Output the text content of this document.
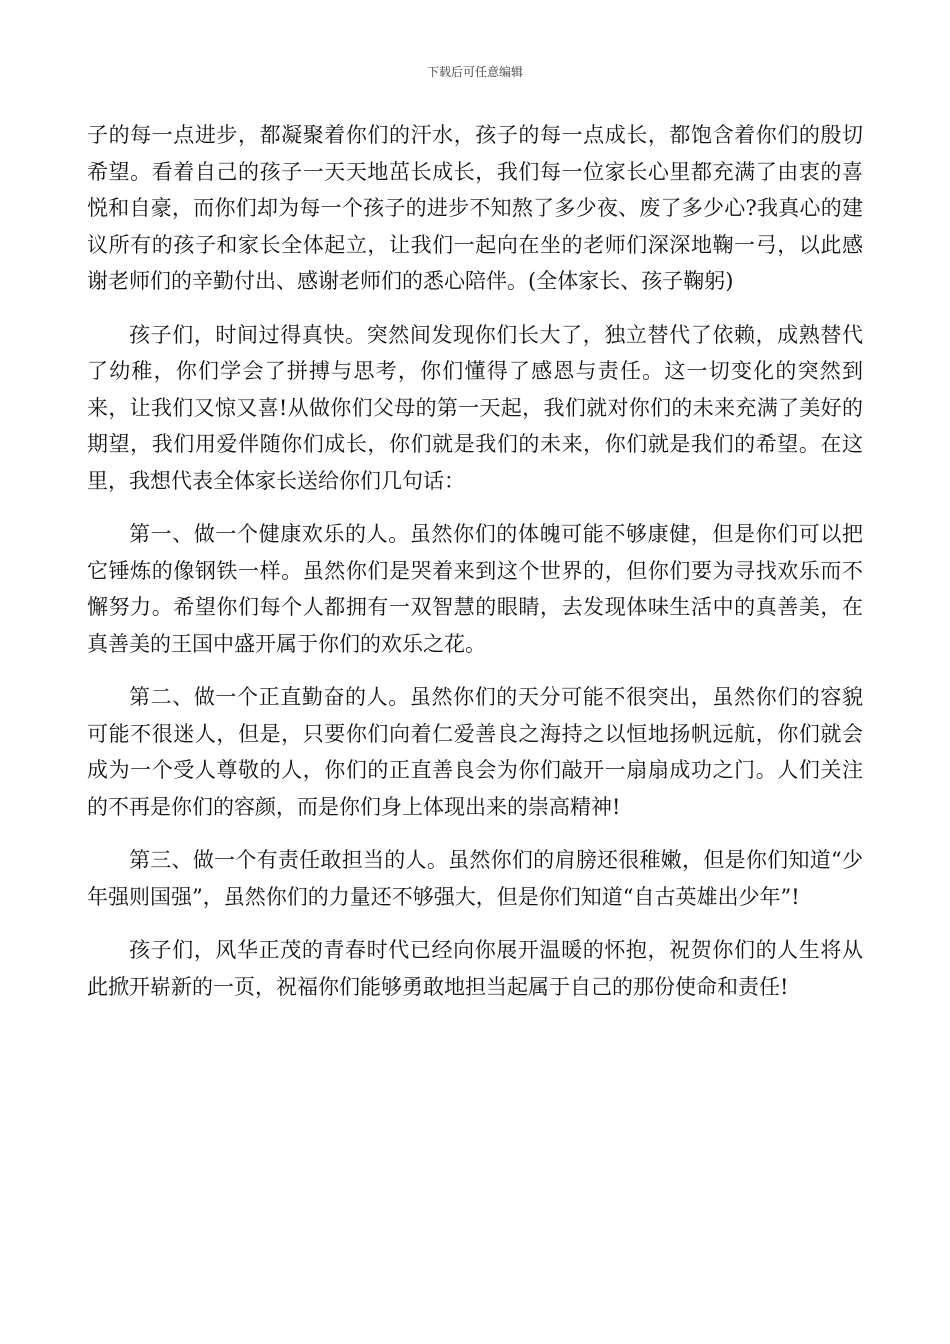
下载后可任意编辑

子的每一点进步，都凝聚着你们的汗水，孩子的每一点成长，都饱含着你们的殷切希望。看着自己的孩子一天天地茁长成长，我们每一位家长心里都充满了由衷的喜悦和自豪，而你们却为每一个孩子的进步不知熬了多少夜、废了多少心?我真心的建议所有的孩子和家长全体起立，让我们一起向在坐的老师们深深地鞠一弓，以此感谢老师们的辛勤付出、感谢老师们的悉心陪伴。(全体家长、孩子鞠躬)

孩子们，时间过得真快。突然间发现你们长大了，独立替代了依赖，成熟替代了幼稚，你们学会了拼搏与思考，你们懂得了感恩与责任。这一切变化的突然到来，让我们又惊又喜!从做你们父母的第一天起，我们就对你们的未来充满了美好的期望，我们用爱伴随你们成长，你们就是我们的未来，你们就是我们的希望。在这里，我想代表全体家长送给你们几句话：

第一、做一个健康欢乐的人。虽然你们的体魄可能不够康健，但是你们可以把它锤炼的像钢铁一样。虽然你们是哭着来到这个世界的，但你们要为寻找欢乐而不懈努力。希望你们每个人都拥有一双智慧的眼睛，去发现体味生活中的真善美，在真善美的王国中盛开属于你们的欢乐之花。

第二、做一个正直勤奋的人。虽然你们的天分可能不很突出，虽然你们的容貌可能不很迷人，但是，只要你们向着仁爱善良之海持之以恒地扬帆远航，你们就会成为一个受人尊敬的人，你们的正直善良会为你们敲开一扇扇成功之门。人们关注的不再是你们的容颜，而是你们身上体现出来的崇高精神!

第三、做一个有责任敢担当的人。虽然你们的肩膀还很稚嫩，但是你们知道“少年强则国强”，虽然你们的力量还不够强大，但是你们知道“自古英雄出少年”!

孩子们，风华正茂的青春时代已经向你展开温暖的怀抱，祝贺你们的人生将从此掀开崭新的一页，祝福你们能够勇敢地担当起属于自己的那份使命和责任!
